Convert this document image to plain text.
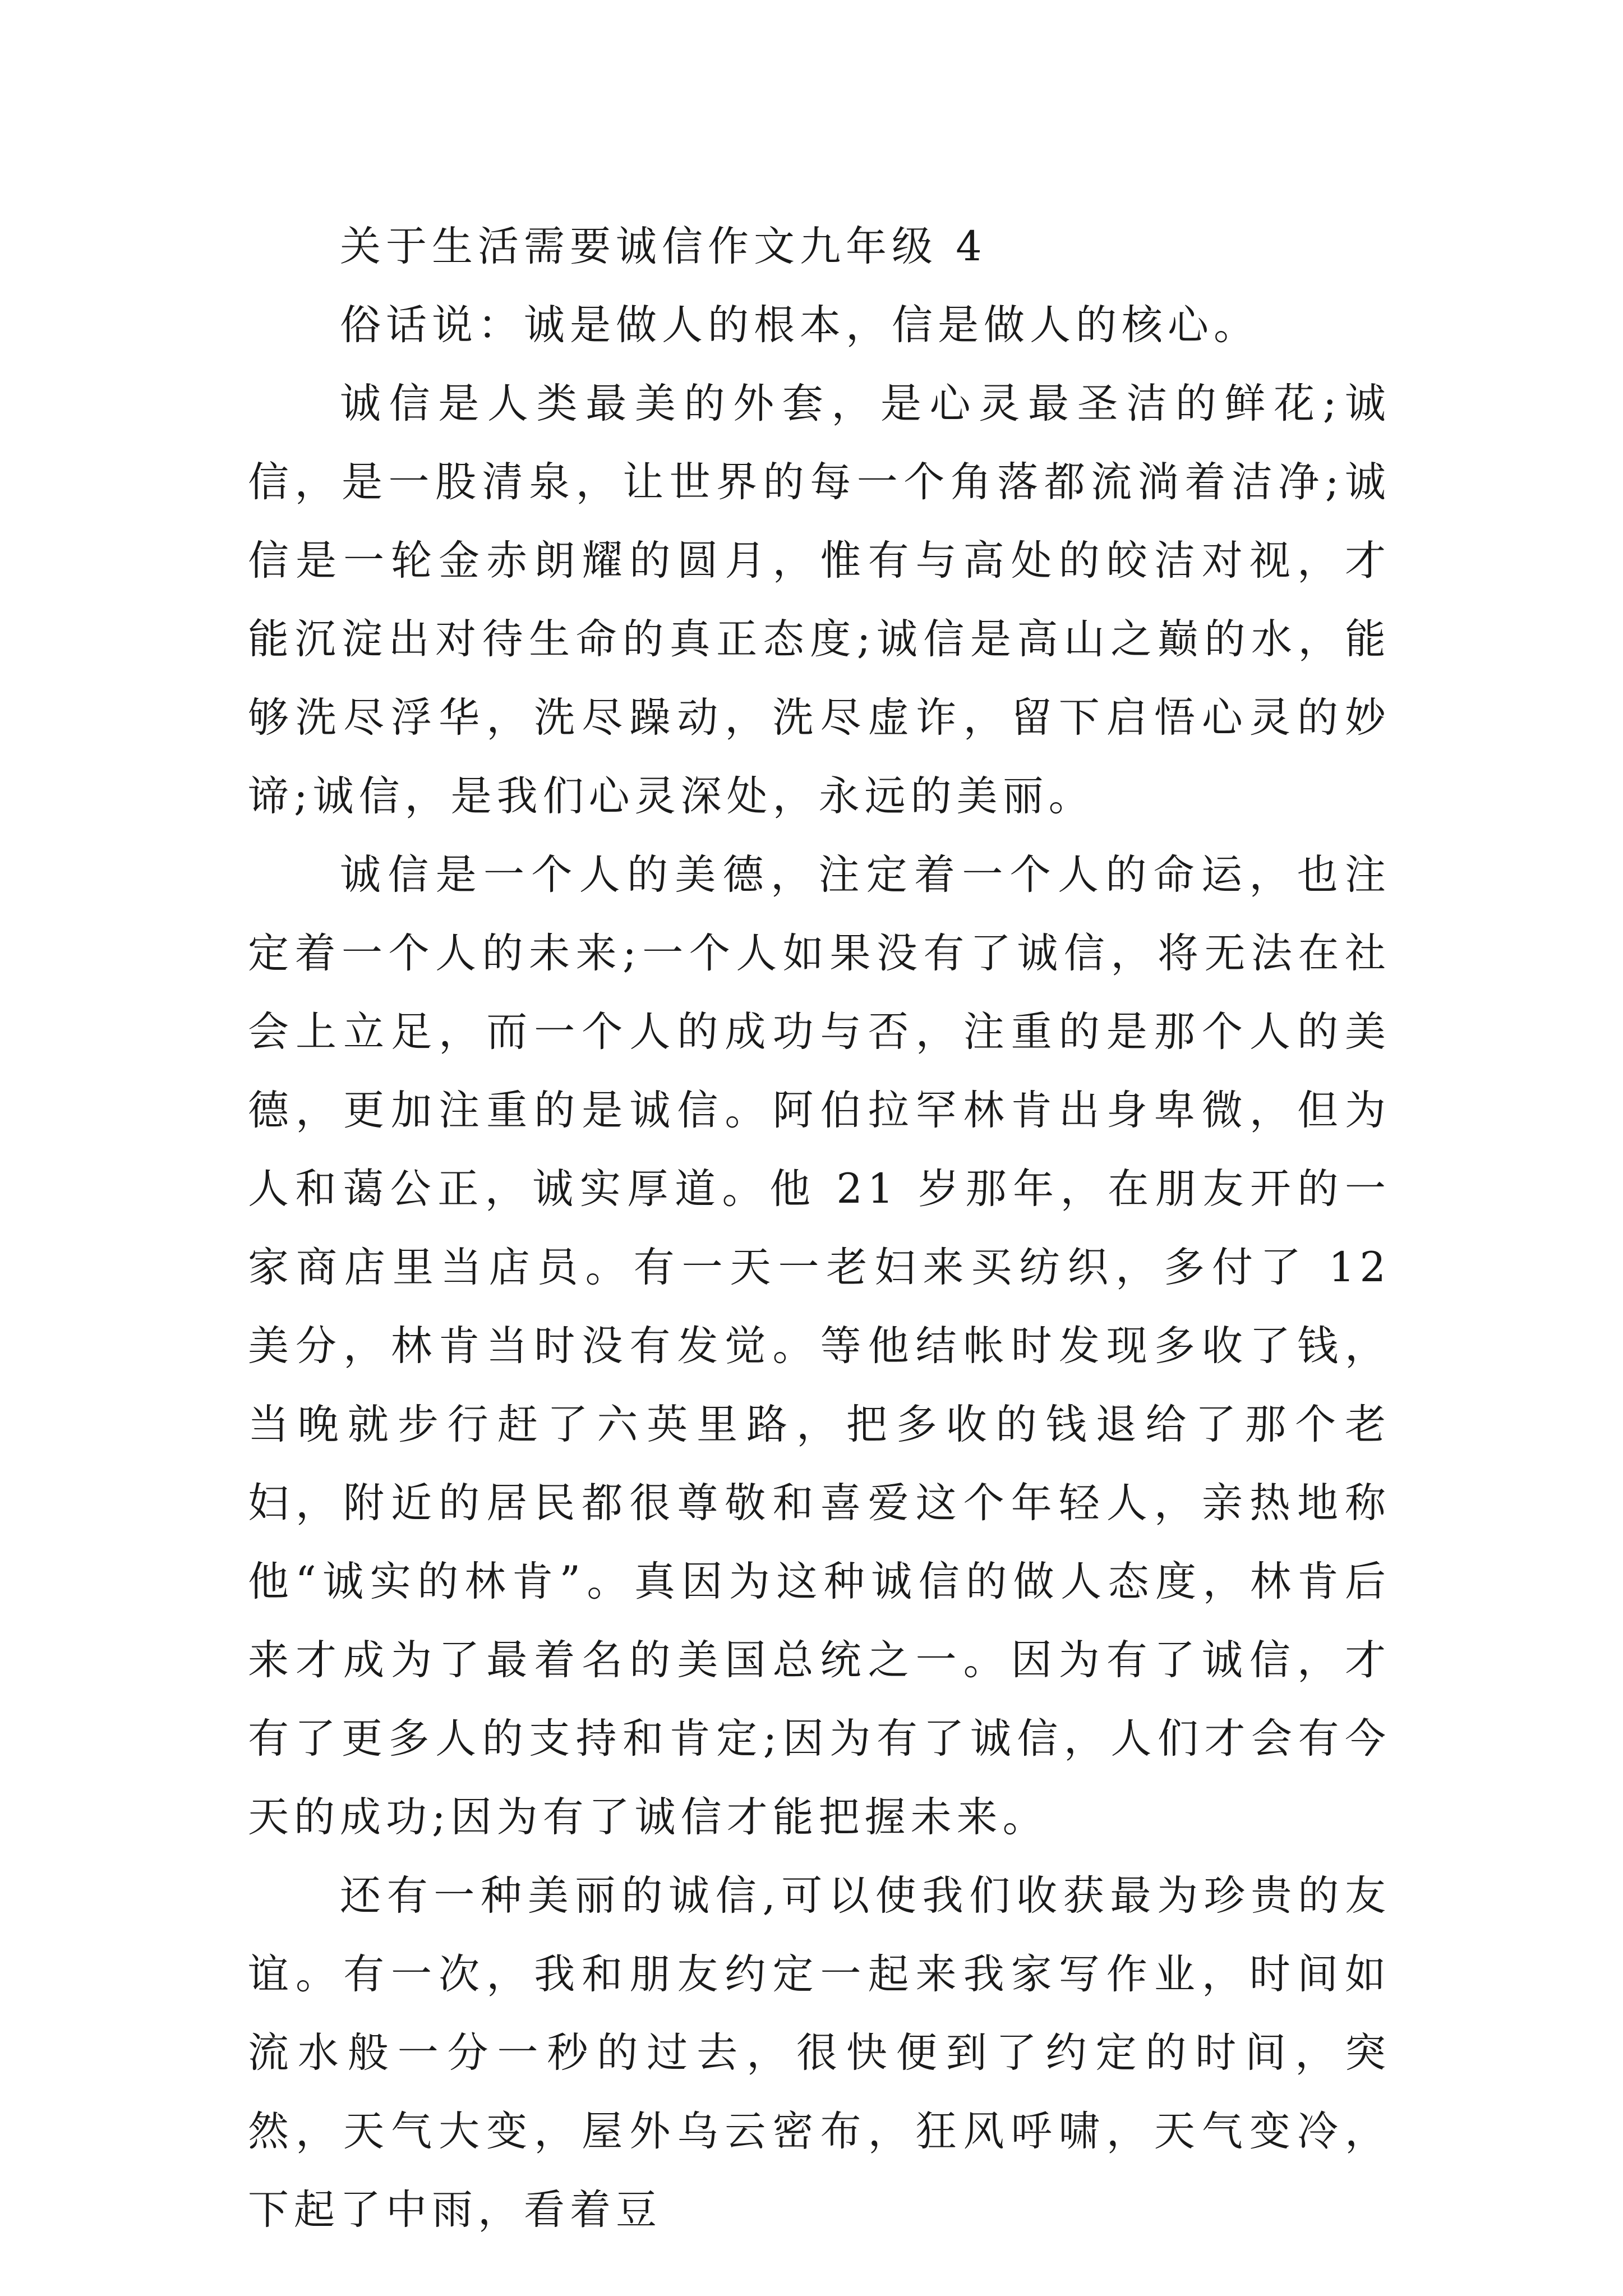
关于生活需要诚信作文九年级 4

俗话说：诚是做人的根本，信是做人的核心。

诚信是人类最美的外套，是心灵最圣洁的鲜花;诚信，是一股清泉，让世界的每一个角落都流淌着洁净;诚信是一轮金赤朗耀的圆月，惟有与高处的皎洁对视，才能沉淀出对待生命的真正态度;诚信是高山之巅的水，能够洗尽浮华，洗尽躁动，洗尽虚诈，留下启悟心灵的妙谛;诚信，是我们心灵深处，永远的美丽。

诚信是一个人的美德，注定着一个人的命运，也注定着一个人的未来;一个人如果没有了诚信，将无法在社会上立足，而一个人的成功与否，注重的是那个人的美德，更加注重的是诚信。阿伯拉罕林肯出身卑微，但为人和蔼公正，诚实厚道。他 21 岁那年，在朋友开的一家商店里当店员。有一天一老妇来买纺织，多付了 12 美分，林肯当时没有发觉。等他结帐时发现多收了钱，当晚就步行赶了六英里路，把多收的钱退给了那个老妇，附近的居民都很尊敬和喜爱这个年轻人，亲热地称他“诚实的林肯”。真因为这种诚信的做人态度，林肯后来才成为了最着名的美国总统之一。因为有了诚信，才有了更多人的支持和肯定;因为有了诚信，人们才会有今天的成功;因为有了诚信才能把握未来。

还有一种美丽的诚信,可以使我们收获最为珍贵的友谊。有一次，我和朋友约定一起来我家写作业，时间如流水般一分一秒的过去，很快便到了约定的时间，突然，天气大变，屋外乌云密布，狂风呼啸，天气变冷，下起了中雨，看着豆
